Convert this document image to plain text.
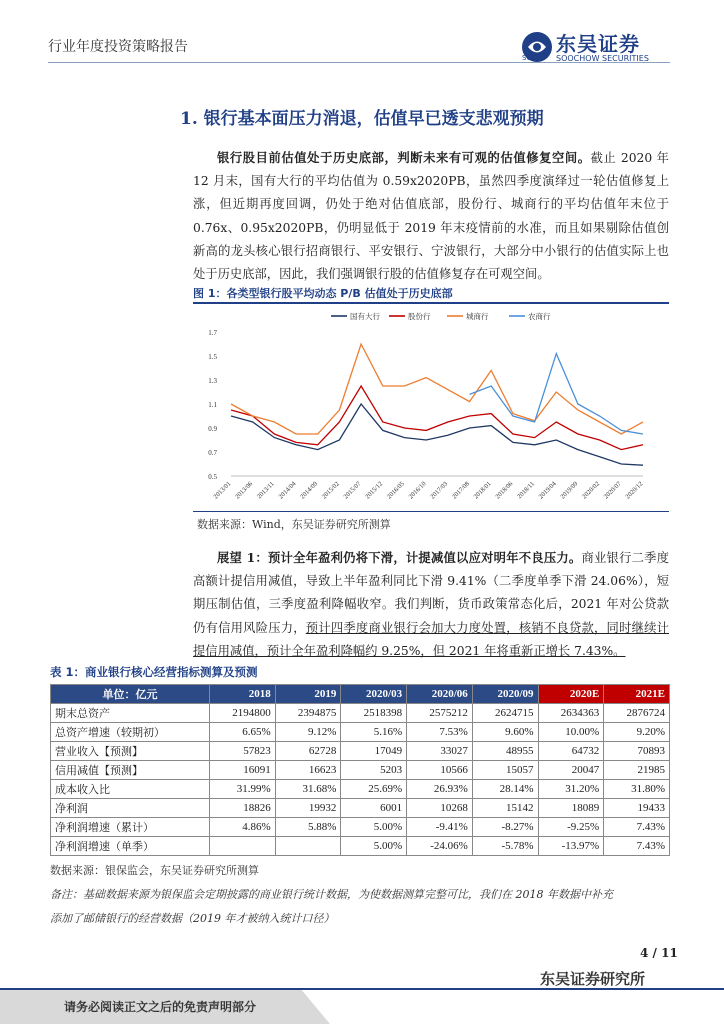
行业年度投资策略报告	东吴证券
SOOCHOW SECURITIES
SCS
1. 银行基本面压力消退，估值早已透支悲观预期
银行股目前估值处于历史底部，判断未来有可观的估值修复空间。截止 2020 年 12 月末，国有大行的平均估值为 0.59x2020PB，虽然四季度演绎过一轮估值修复上涨，但近期再度回调，仍处于绝对估值底部，股份行、城商行的平均估值年末位于 0.76x、0.95x2020PB，仍明显低于 2019 年末疫情前的水准，而且如果剔除估值创新高的龙头核心银行招商银行、平安银行、宁波银行，大部分中小银行的估值实际上也处于历史底部，因此，我们强调银行股的估值修复存在可观空间。
图 1：各类型银行股平均动态 P/B 估值处于历史底部
0.5
0.7
0.9
1.1
1.3
1.5
1.7
2013/01 2013/06 2013/11 2014/04 2014/09 2015/02 2015/07 2015/12 2016/05 2016/10 2017/03 2017/08 2018/01 2018/06 2018/11 2019/04 2019/09 2020/02 2020/07 2020/12
国有大行	股份行	城商行	农商行
数据来源：Wind，东吴证券研究所测算
展望 1：预计全年盈利仍将下滑，计提减值以应对明年不良压力。商业银行二季度高额计提信用减值，导致上半年盈利同比下滑 9.41%（二季度单季下滑 24.06%），短期压制估值，三季度盈利降幅收窄。我们判断，货币政策常态化后，2021 年对公贷款仍有信用风险压力，预计四季度商业银行会加大力度处置，核销不良贷款，同时继续计提信用减值，预计全年盈利降幅约 9.25%，但 2021 年将重新正增长 7.43%。
表 1：商业银行核心经营指标测算及预测
单位：亿元	2018	2019	2020/03	2020/06	2020/09	2020E	2021E
期末总资产	2194800	2394875	2518398	2575212	2624715	2634363	2876724
总资产增速（较期初）	6.65%	9.12%	5.16%	7.53%	9.60%	10.00%	9.20%
营业收入【预测】	57823	62728	17049	33027	48955	64732	70893
信用减值【预测】	16091	16623	5203	10566	15057	20047	21985
成本收入比	31.99%	31.68%	25.69%	26.93%	28.14%	31.20%	31.80%
净利润	18826	19932	6001	10268	15142	18089	19433
净利润增速（累计）	4.86%	5.88%	5.00%	-9.41%	-8.27%	-9.25%	7.43%
净利润增速（单季）			5.00%	-24.06%	-5.78%	-13.97%	7.43%
数据来源：银保监会，东吴证券研究所测算
备注：基础数据来源为银保监会定期披露的商业银行统计数据，为使数据测算完整可比，我们在 2018 年数据中补充
添加了邮储银行的经营数据（2019 年才被纳入统计口径）
4 / 11
东吴证券研究所
请务必阅读正文之后的免责声明部分
